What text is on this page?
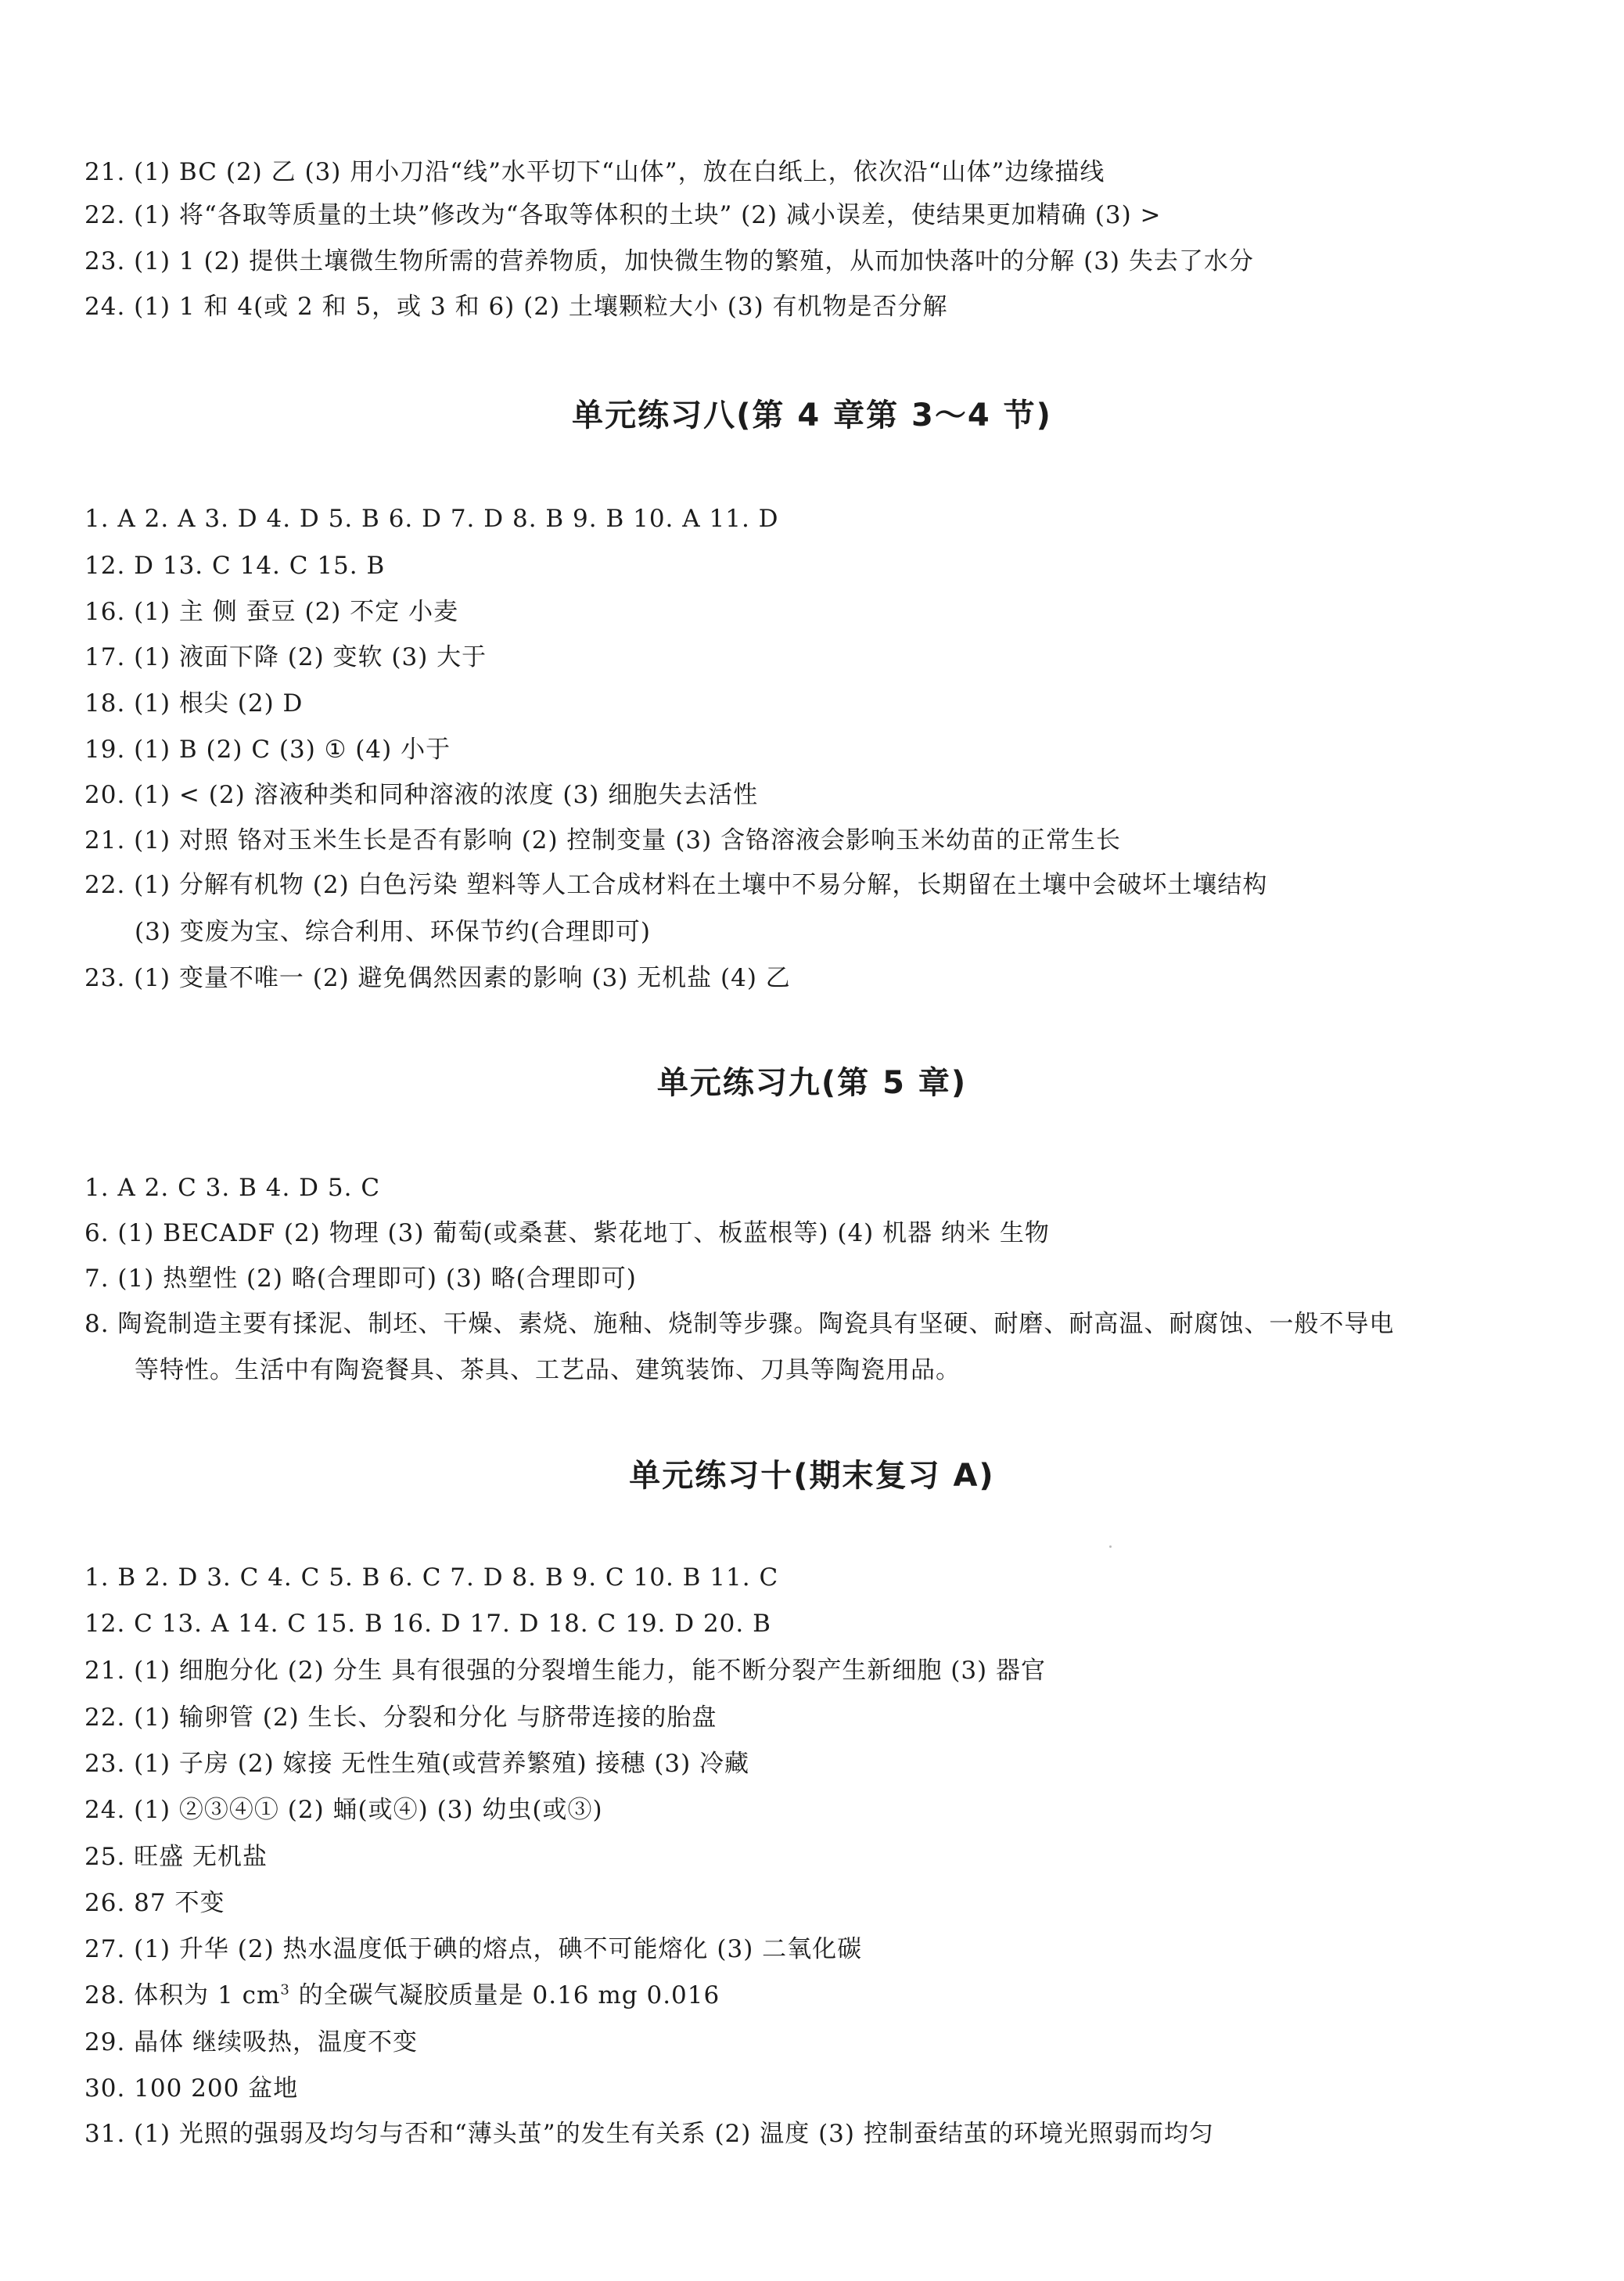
21. (1) BC (2) 乙 (3) 用小刀沿“线”水平切下“山体”，放在白纸上，依次沿“山体”边缘描线
22. (1) 将“各取等质量的土块”修改为“各取等体积的土块” (2) 减小误差，使结果更加精确 (3) >
23. (1) 1 (2) 提供土壤微生物所需的营养物质，加快微生物的繁殖，从而加快落叶的分解 (3) 失去了水分
24. (1) 1 和 4(或 2 和 5，或 3 和 6) (2) 土壤颗粒大小 (3) 有机物是否分解
单元练习八(第 4 章第 3～4 节)
1. A 2. A 3. D 4. D 5. B 6. D 7. D 8. B 9. B 10. A 11. D
12. D 13. C 14. C 15. B
16. (1) 主 侧 蚕豆 (2) 不定 小麦
17. (1) 液面下降 (2) 变软 (3) 大于
18. (1) 根尖 (2) D
19. (1) B (2) C (3) ① (4) 小于
20. (1) < (2) 溶液种类和同种溶液的浓度 (3) 细胞失去活性
21. (1) 对照 铬对玉米生长是否有影响 (2) 控制变量 (3) 含铬溶液会影响玉米幼苗的正常生长
22. (1) 分解有机物 (2) 白色污染 塑料等人工合成材料在土壤中不易分解，长期留在土壤中会破坏土壤结构
(3) 变废为宝、综合利用、环保节约(合理即可)
23. (1) 变量不唯一 (2) 避免偶然因素的影响 (3) 无机盐 (4) 乙
单元练习九(第 5 章)
1. A 2. C 3. B 4. D 5. C
6. (1) BECADF (2) 物理 (3) 葡萄(或桑葚、紫花地丁、板蓝根等) (4) 机器 纳米 生物
7. (1) 热塑性 (2) 略(合理即可) (3) 略(合理即可)
8. 陶瓷制造主要有揉泥、制坯、干燥、素烧、施釉、烧制等步骤。陶瓷具有坚硬、耐磨、耐高温、耐腐蚀、一般不导电
等特性。生活中有陶瓷餐具、茶具、工艺品、建筑装饰、刀具等陶瓷用品。
单元练习十(期末复习 A)
1. B 2. D 3. C 4. C 5. B 6. C 7. D 8. B 9. C 10. B 11. C
12. C 13. A 14. C 15. B 16. D 17. D 18. C 19. D 20. B
21. (1) 细胞分化 (2) 分生 具有很强的分裂增生能力，能不断分裂产生新细胞 (3) 器官
22. (1) 输卵管 (2) 生长、分裂和分化 与脐带连接的胎盘
23. (1) 子房 (2) 嫁接 无性生殖(或营养繁殖) 接穗 (3) 冷藏
24. (1) ②③④① (2) 蛹(或④) (3) 幼虫(或③)
25. 旺盛 无机盐
26. 87 不变
27. (1) 升华 (2) 热水温度低于碘的熔点，碘不可能熔化 (3) 二氧化碳
28. 体积为 1 $cm^3$ 的全碳气凝胶质量是 0.16 mg 0.016
29. 晶体 继续吸热，温度不变
30. 100 200 盆地
31. (1) 光照的强弱及均匀与否和“薄头茧”的发生有关系 (2) 温度 (3) 控制蚕结茧的环境光照弱而均匀
